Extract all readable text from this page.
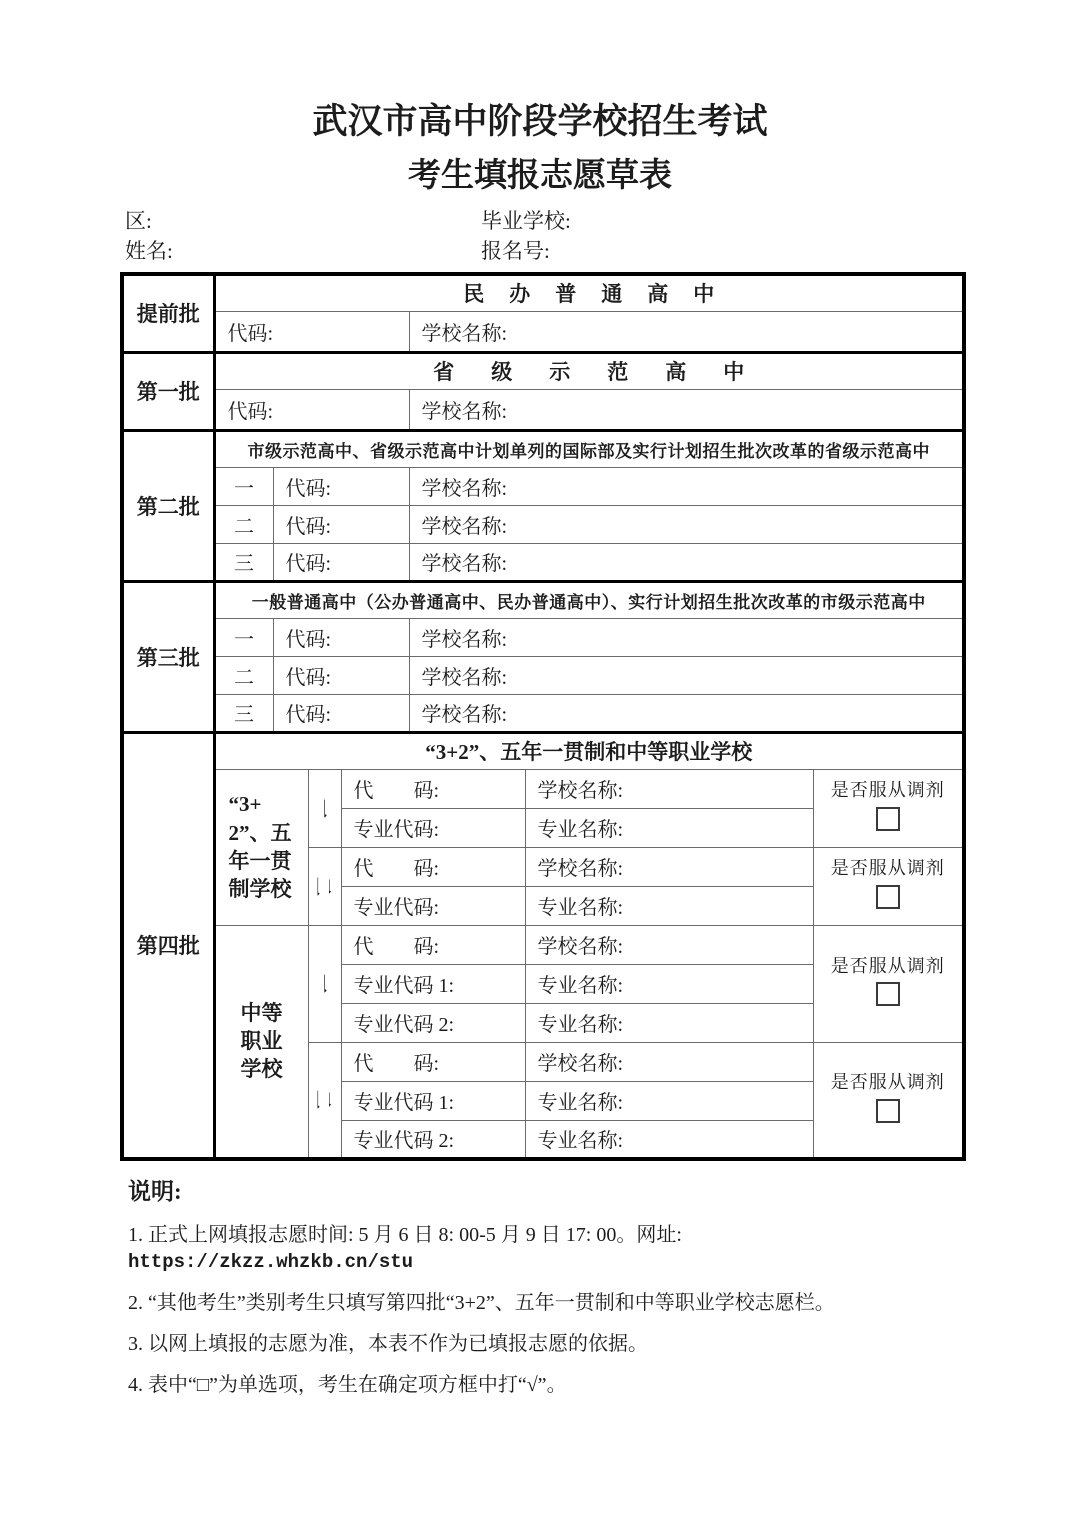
武汉市高中阶段学校招生考试
考生填报志愿草表
区:	毕业学校:
姓名:	报名号:
提前批	民办普通高中						
	代码:				学校名称:		
第一批	省级示范高中						
	代码:				学校名称:		
第二批	市级示范高中、省级示范高中计划单列的国际部及实行计划招生批次改革的省级示范高中						
	一	代码:			学校名称:		
	二	代码:			学校名称:		
	三	代码:			学校名称:		
第三批	一般普通高中（公办普通高中、民办普通高中）、实行计划招生批次改革的市级示范高中						
	一	代码:			学校名称:		
	二	代码:			学校名称:		
	三	代码:			学校名称:		
第四批	“3+2”、五年一贯制和中等职业学校						
	“3+2”、五年一贯制学校		一	代　　码:		学校名称:	是否服从调剂

				专业代码:		专业名称:	
			二	代　　码:		学校名称:	是否服从调剂

				专业代码:		专业名称:	
	中等职业学校		一	代　　码:		学校名称:	是否服从调剂

				专业代码 1:		专业名称:	
				专业代码 2:		专业名称:	
			二	代　　码:		学校名称:	是否服从调剂

				专业代码 1:		专业名称:	
				专业代码 2:		专业名称:	
说明:
1. 正式上网填报志愿时间: 5 月 6 日 8: 00-5 月 9 日 17: 00。网址: https://zkzz.whzkb.cn/stu
2. “其他考生”类别考生只填写第四批“3+2”、五年一贯制和中等职业学校志愿栏。
3. 以网上填报的志愿为准，本表不作为已填报志愿的依据。
4. 表中“□”为单选项，考生在确定项方框中打“√”。
